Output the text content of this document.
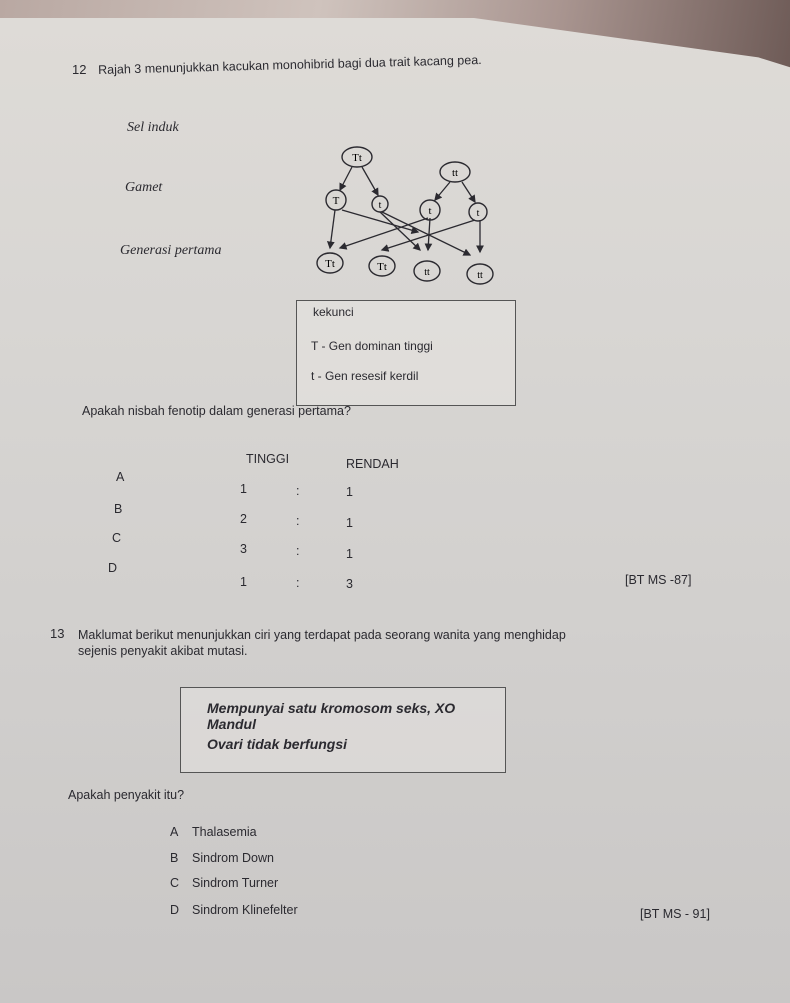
12 Rajah 3 menunjukkan kacukan monohibrid bagi dua trait kacang pea.

Sel induk

Gamet

Generasi pertama

Tt
tt
T	t	t	t
Tt	Tt	tt	tt

kekunci

T - Gen dominan tinggi

t - Gen resesif kerdil

Apakah nisbah fenotip dalam generasi pertama?

TINGGI	RENDAH

A

1	:	1

B

2	:	1

C

3	:	1

D

1	:	3	[BT MS -87]

13 Maklumat berikut menunjukkan ciri yang terdapat pada seorang wanita yang menghidap

sejenis penyakit akibat mutasi.

Mempunyai satu kromosom seks, XO

Mandul

Ovari tidak berfungsi

Apakah penyakit itu?

A Thalasemia

B Sindrom Down

C Sindrom Turner

D Sindrom Klinefelter	[BT MS - 91]
